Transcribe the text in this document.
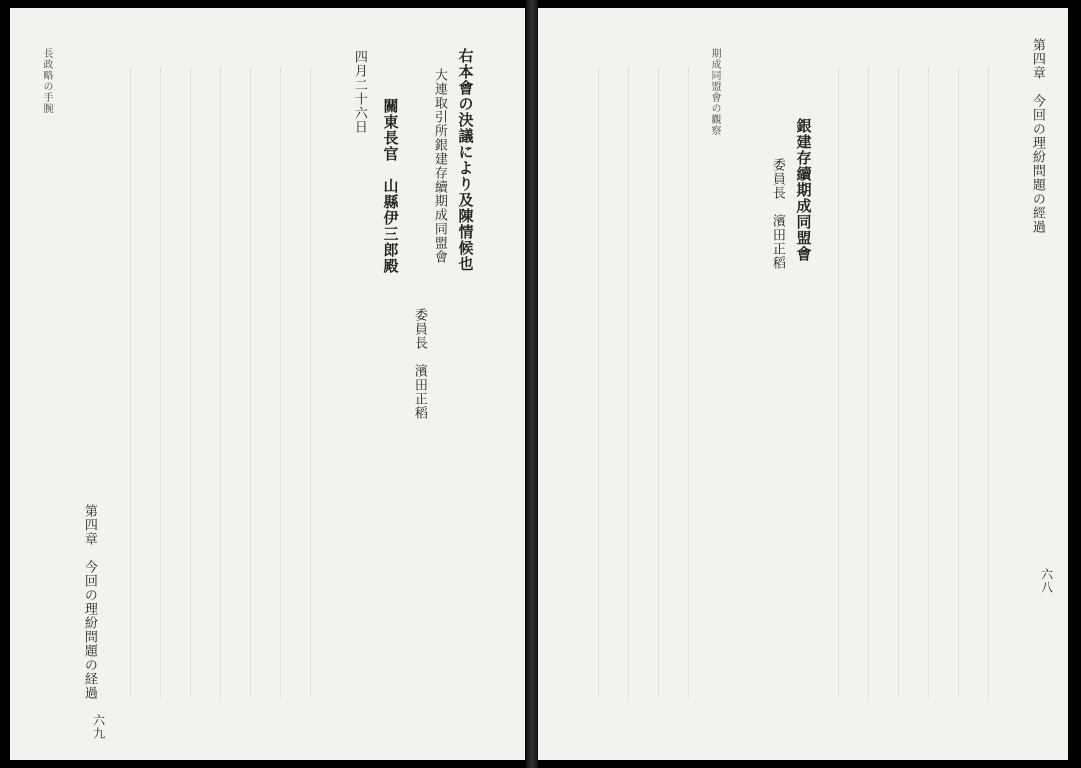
第四章　今回の理紛問題の経過
六九
四月二十六日
關東長官　山縣伊三郎殿 大連取引所銀建存續期成同盟會
委員長　濱田正稻
右本會の決議により及陳情候也
長政略の手腕	第四章　今回の理紛問題の經過
六八
銀建存續期成同盟會
委員長　濱田正稻
期成同盟會の觀察
